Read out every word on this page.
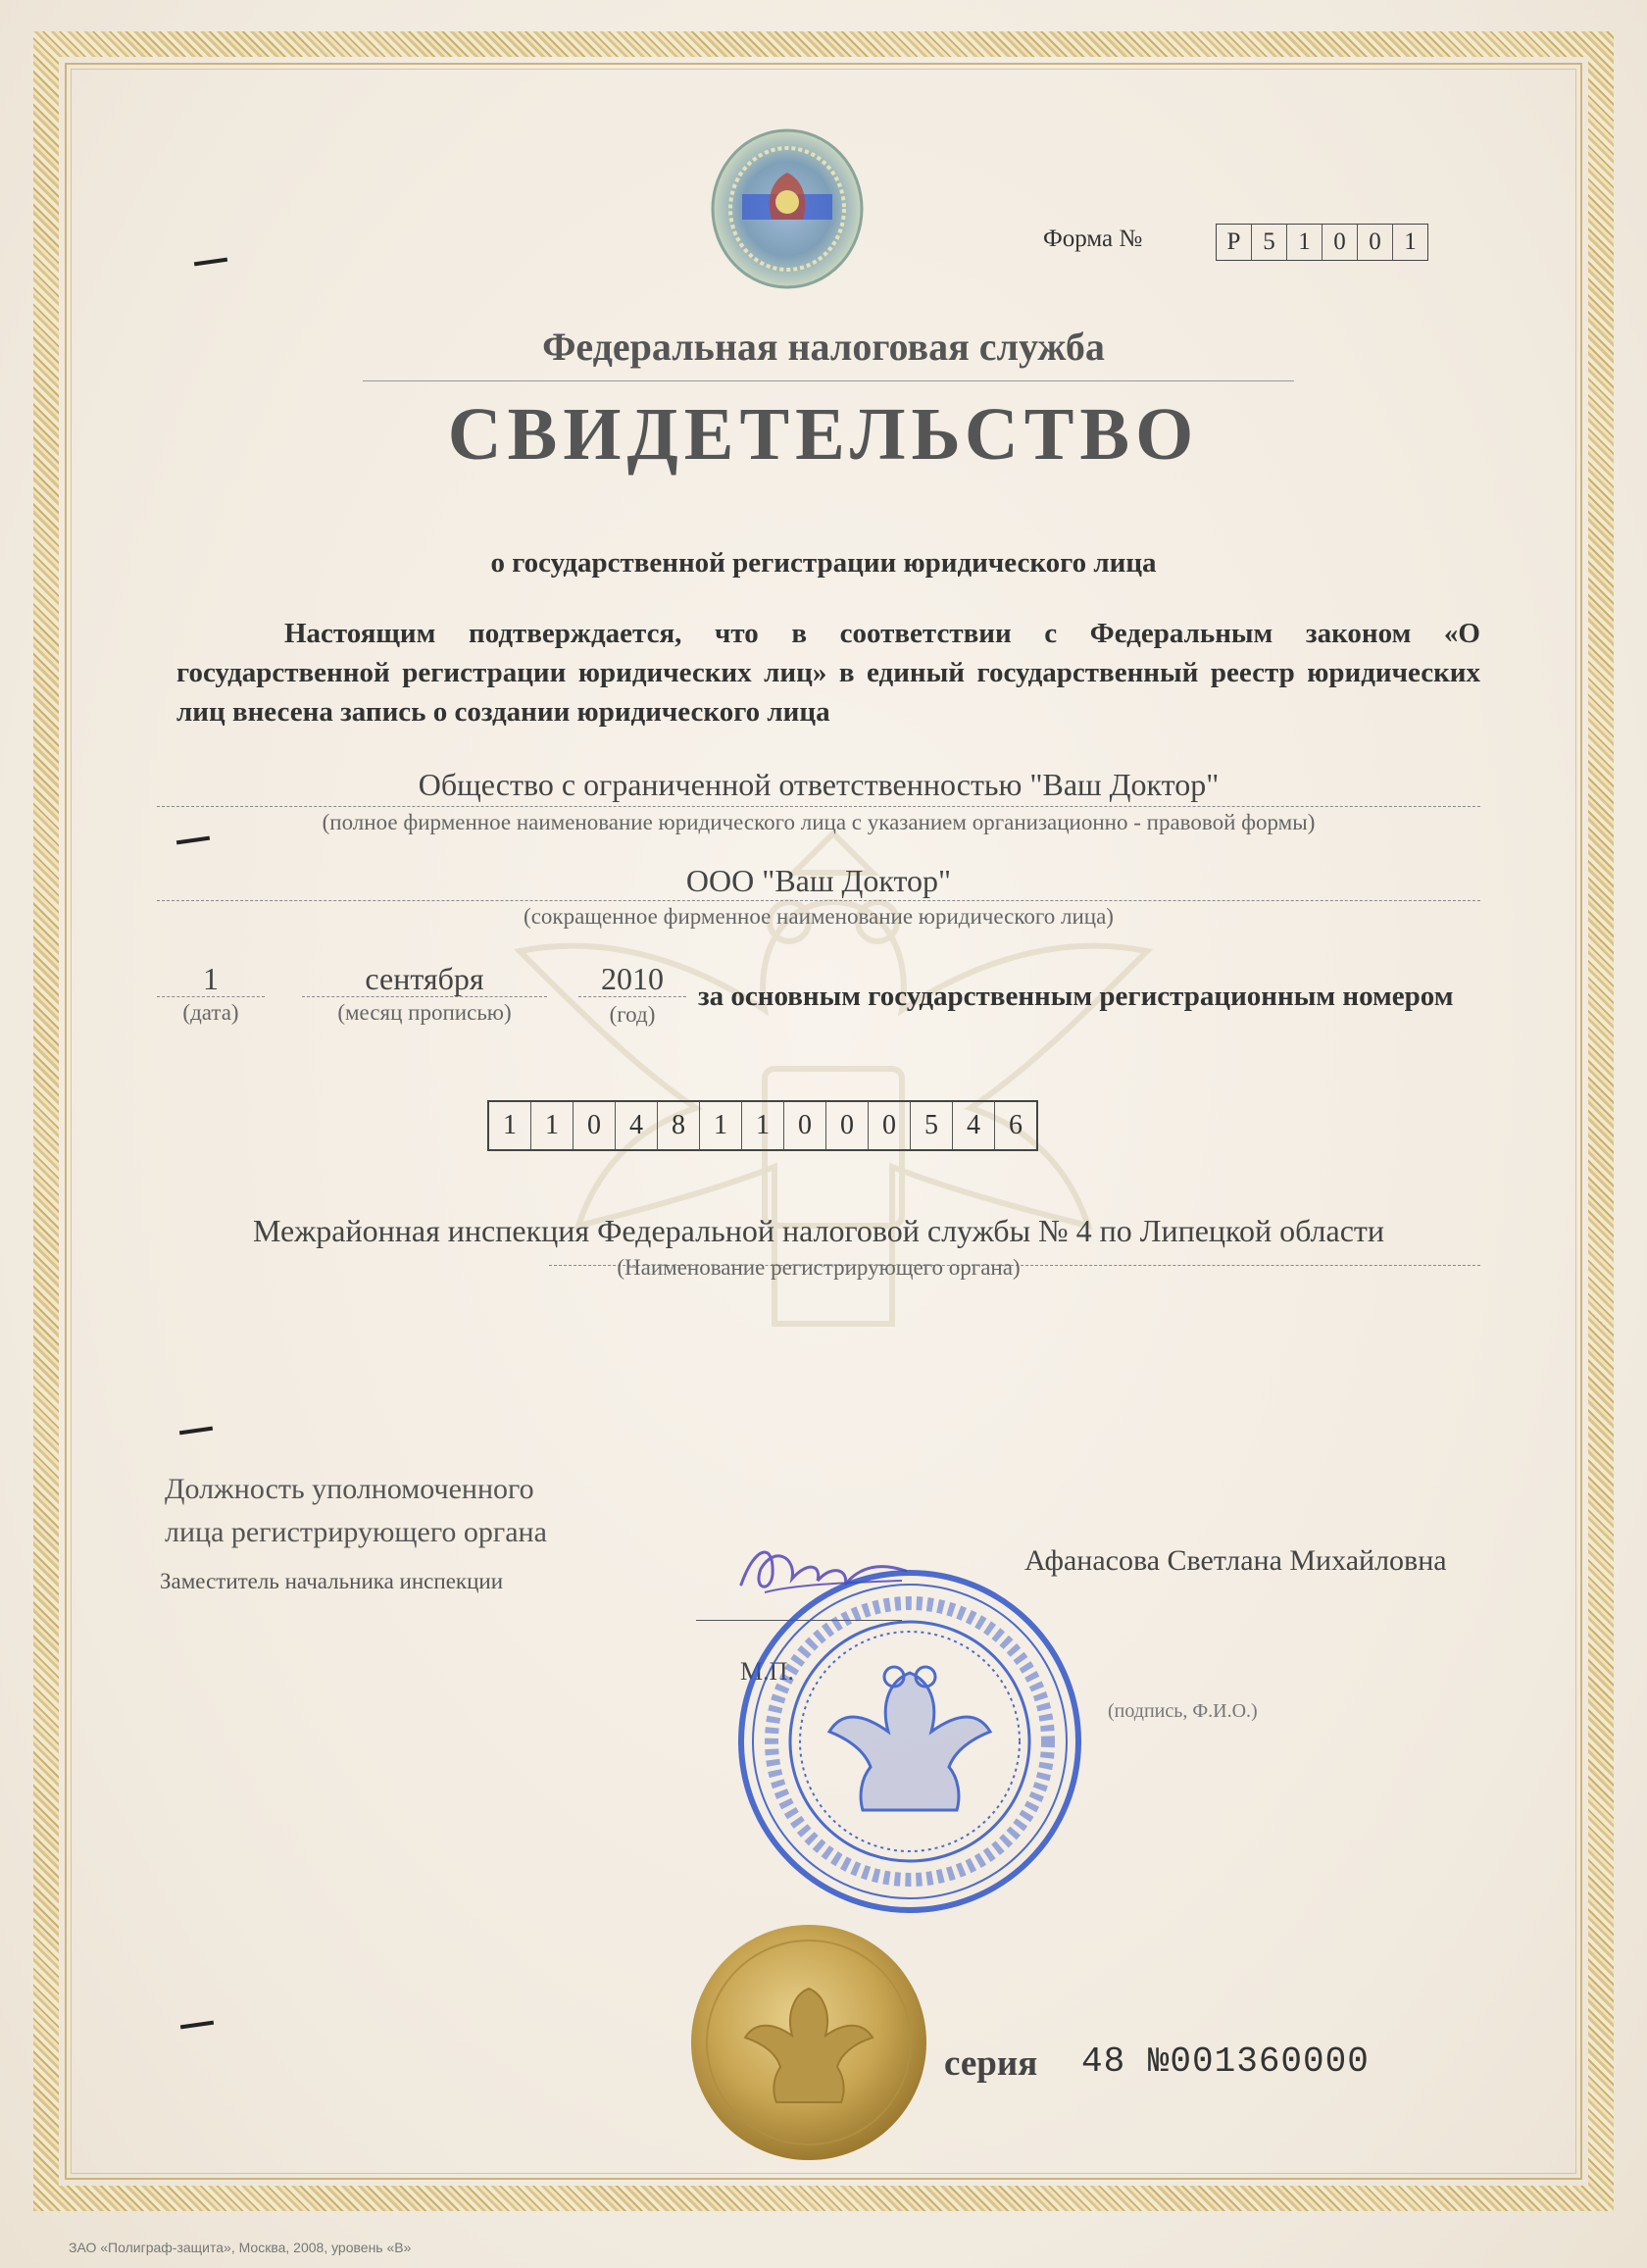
Форма №	Р 5 1 0 0 1
Федеральная налоговая служба
СВИДЕТЕЛЬСТВО
о государственной регистрации юридического лица
Настоящим подтверждается, что в соответствии с Федеральным законом «О государственной регистрации юридических лиц» в единый государственный реестр юридических лиц внесена запись о создании юридического лица
Общество с ограниченной ответственностью "Ваш Доктор"
(полное фирменное наименование юридического лица с указанием организационно - правовой формы)
ООО "Ваш Доктор"
(сокращенное фирменное наименование юридического лица)
1
(дата)
сентября
(месяц прописью)
2010
(год)
за основным государственным регистрационным номером
1	1	0	4	8	1	1	0	0	0	5	4	6
Межрайонная инспекция Федеральной налоговой службы № 4 по Липецкой области
(Наименование регистрирующего органа)
Должность уполномоченного
лица регистрирующего органа
Заместитель начальника инспекции
Афанасова Светлана Михайловна
М.П.
(подпись, Ф.И.О.)
серия 48 №001360000
ЗАО «Полиграф-защита», Москва, 2008, уровень «В»
